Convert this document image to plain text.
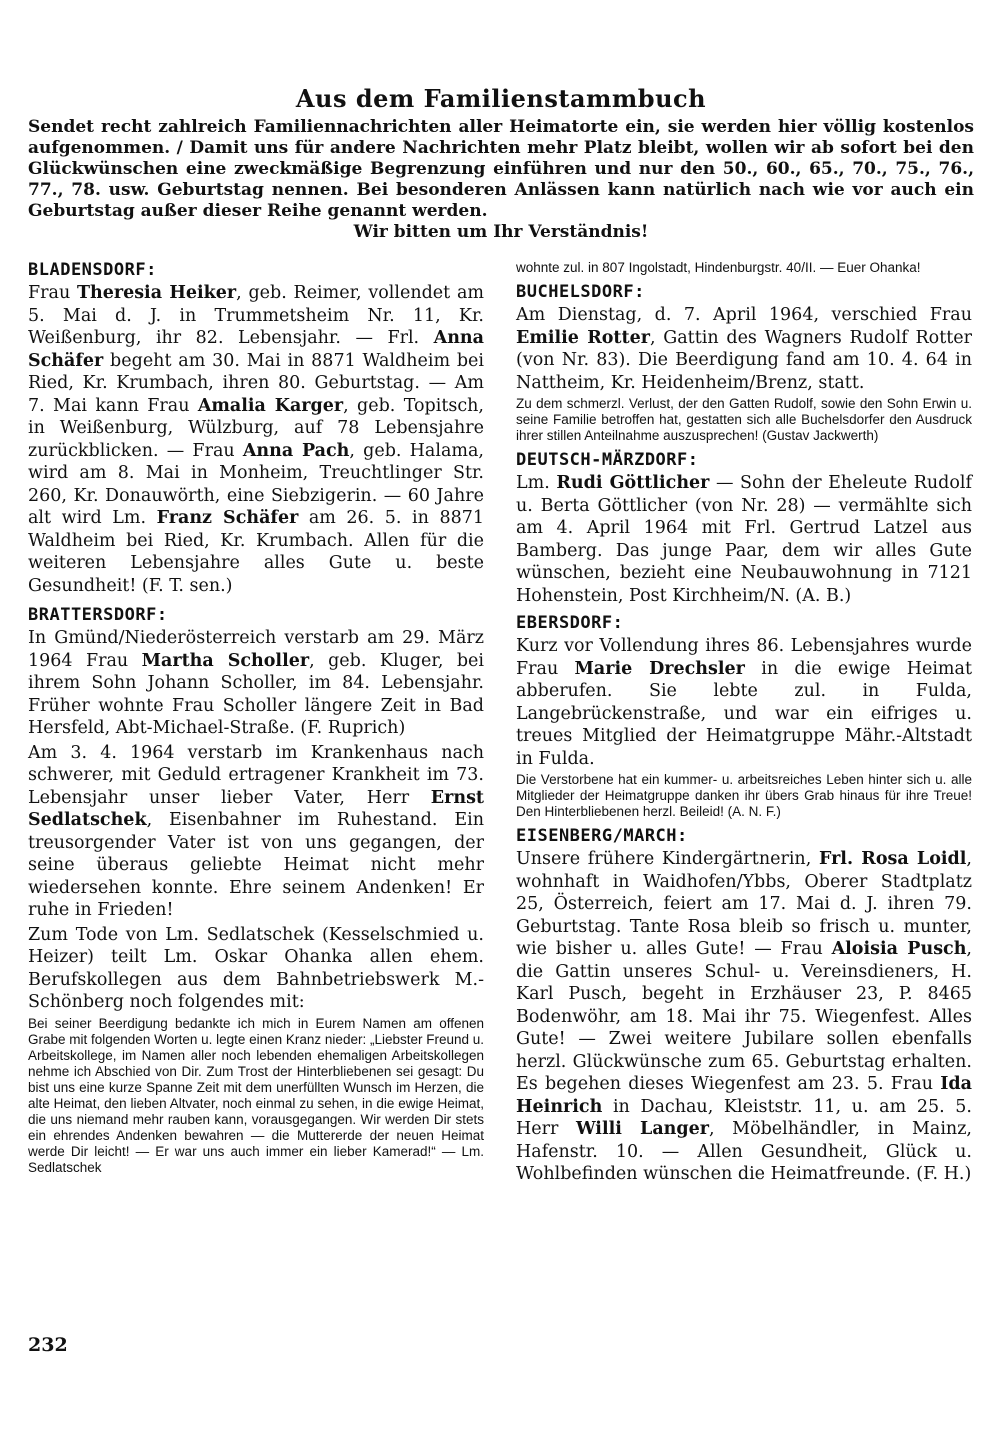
Aus dem Familienstammbuch

Sendet recht zahlreich Familiennachrichten aller Heimatorte ein, sie werden hier völlig kostenlos aufgenommen. / Damit uns für andere Nachrichten mehr Platz bleibt, wollen wir ab sofort bei den Glückwünschen eine zweckmäßige Begrenzung einführen und nur den 50., 60., 65., 70., 75., 76., 77., 78. usw. Geburtstag nennen. Bei besonderen Anlässen kann natürlich nach wie vor auch ein Geburtstag außer dieser Reihe genannt werden.

Wir bitten um Ihr Verständnis!

BLADENSDORF:

Frau Theresia Heiker, geb. Reimer, vollendet am 5. Mai d. J. in Trummetsheim Nr. 11, Kr. Weißenburg, ihr 82. Lebensjahr. — Frl. Anna Schäfer begeht am 30. Mai in 8871 Waldheim bei Ried, Kr. Krumbach, ihren 80. Geburtstag. — Am 7. Mai kann Frau Amalia Karger, geb. Topitsch, in Weißenburg, Wülzburg, auf 78 Lebensjahre zurückblicken. — Frau Anna Pach, geb. Halama, wird am 8. Mai in Monheim, Treuchtlinger Str. 260, Kr. Donauwörth, eine Siebzigerin. — 60 Jahre alt wird Lm. Franz Schäfer am 26. 5. in 8871 Waldheim bei Ried, Kr. Krumbach. Allen für die weiteren Lebensjahre alles Gute u. beste Gesundheit! (F. T. sen.)

BRATTERSDORF:

In Gmünd/Niederösterreich verstarb am 29. März 1964 Frau Martha Scholler, geb. Kluger, bei ihrem Sohn Johann Scholler, im 84. Lebensjahr. Früher wohnte Frau Scholler längere Zeit in Bad Hersfeld, Abt-Michael-Straße. (F. Ruprich)

Am 3. 4. 1964 verstarb im Krankenhaus nach schwerer, mit Geduld ertragener Krankheit im 73. Lebensjahr unser lieber Vater, Herr Ernst Sedlatschek, Eisenbahner im Ruhestand. Ein treusorgender Vater ist von uns gegangen, der seine überaus geliebte Heimat nicht mehr wiedersehen konnte. Ehre seinem Andenken! Er ruhe in Frieden!

Zum Tode von Lm. Sedlatschek (Kesselschmied u. Heizer) teilt Lm. Oskar Ohanka allen ehem. Berufskollegen aus dem Bahnbetriebswerk M.-Schönberg noch folgendes mit:

Bei seiner Beerdigung bedankte ich mich in Eurem Namen am offenen Grabe mit folgenden Worten u. legte einen Kranz nieder: „Liebster Freund u. Arbeitskollege, im Namen aller noch lebenden ehemaligen Arbeitskollegen nehme ich Abschied von Dir. Zum Trost der Hinterbliebenen sei gesagt: Du bist uns eine kurze Spanne Zeit mit dem unerfüllten Wunsch im Herzen, die alte Heimat, den lieben Altvater, noch einmal zu sehen, in die ewige Heimat, die uns niemand mehr rauben kann, vorausgegangen. Wir werden Dir stets ein ehrendes Andenken bewahren — die Muttererde der neuen Heimat werde Dir leicht! — Er war uns auch immer ein lieber Kamerad!“ — Lm. Sedlatschek

wohnte zul. in 807 Ingolstadt, Hindenburgstr. 40/II. — Euer Ohanka!

BUCHELSDORF:

Am Dienstag, d. 7. April 1964, verschied Frau Emilie Rotter, Gattin des Wagners Rudolf Rotter (von Nr. 83). Die Beerdigung fand am 10. 4. 64 in Nattheim, Kr. Heidenheim/Brenz, statt.

Zu dem schmerzl. Verlust, der den Gatten Rudolf, sowie den Sohn Erwin u. seine Familie betroffen hat, gestatten sich alle Buchelsdorfer den Ausdruck ihrer stillen Anteilnahme auszusprechen! (Gustav Jackwerth)

DEUTSCH-MÄRZDORF:

Lm. Rudi Göttlicher — Sohn der Eheleute Rudolf u. Berta Göttlicher (von Nr. 28) — vermählte sich am 4. April 1964 mit Frl. Gertrud Latzel aus Bamberg. Das junge Paar, dem wir alles Gute wünschen, bezieht eine Neubauwohnung in 7121 Hohenstein, Post Kirchheim/N. (A. B.)

EBERSDORF:

Kurz vor Vollendung ihres 86. Lebensjahres wurde Frau Marie Drechsler in die ewige Heimat abberufen. Sie lebte zul. in Fulda, Langebrückenstraße, und war ein eifriges u. treues Mitglied der Heimatgruppe Mähr.-Altstadt in Fulda.

Die Verstorbene hat ein kummer- u. arbeitsreiches Leben hinter sich u. alle Mitglieder der Heimatgruppe danken ihr übers Grab hinaus für ihre Treue! Den Hinterbliebenen herzl. Beileid! (A. N. F.)

EISENBERG/MARCH:

Unsere frühere Kindergärtnerin, Frl. Rosa Loidl, wohnhaft in Waidhofen/Ybbs, Oberer Stadtplatz 25, Österreich, feiert am 17. Mai d. J. ihren 79. Geburtstag. Tante Rosa bleib so frisch u. munter, wie bisher u. alles Gute! — Frau Aloisia Pusch, die Gattin unseres Schul- u. Vereinsdieners, H. Karl Pusch, begeht in Erzhäuser 23, P. 8465 Bodenwöhr, am 18. Mai ihr 75. Wiegenfest. Alles Gute! — Zwei weitere Jubilare sollen ebenfalls herzl. Glückwünsche zum 65. Geburtstag erhalten. Es begehen dieses Wiegenfest am 23. 5. Frau Ida Heinrich in Dachau, Kleiststr. 11, u. am 25. 5. Herr Willi Langer, Möbelhändler, in Mainz, Hafenstr. 10. — Allen Gesundheit, Glück u. Wohlbefinden wünschen die Heimatfreunde. (F. H.)

232
